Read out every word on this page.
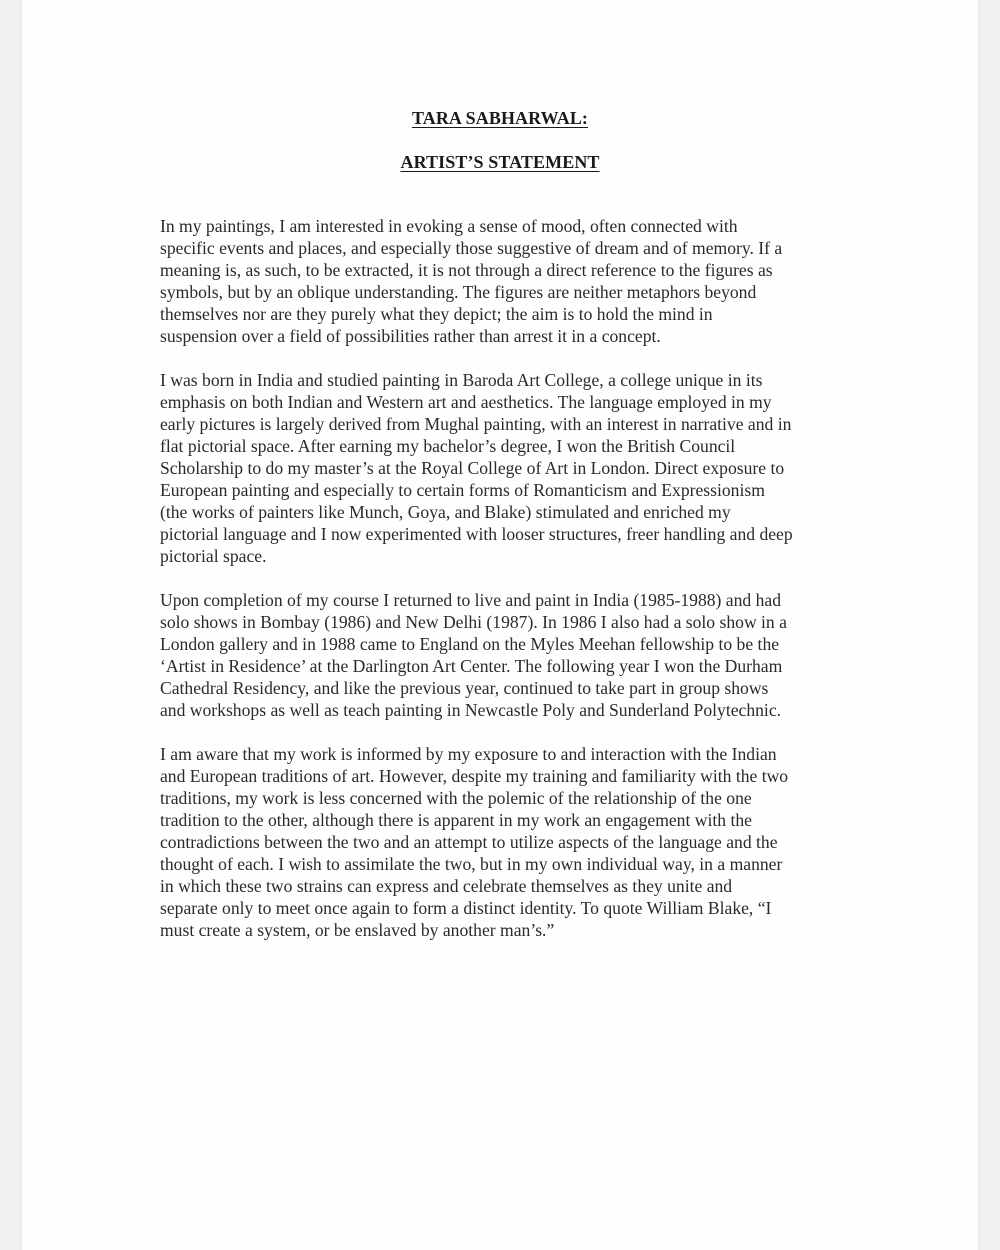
TARA SABHARWAL:
ARTIST’S STATEMENT

In my paintings, I am interested in evoking a sense of mood, often connected with
specific events and places, and especially those suggestive of dream and of memory. If a
meaning is, as such, to be extracted, it is not through a direct reference to the figures as
symbols, but by an oblique understanding. The figures are neither metaphors beyond
themselves nor are they purely what they depict; the aim is to hold the mind in
suspension over a field of possibilities rather than arrest it in a concept.

I was born in India and studied painting in Baroda Art College, a college unique in its
emphasis on both Indian and Western art and aesthetics. The language employed in my
early pictures is largely derived from Mughal painting, with an interest in narrative and in
flat pictorial space. After earning my bachelor’s degree, I won the British Council
Scholarship to do my master’s at the Royal College of Art in London. Direct exposure to
European painting and especially to certain forms of Romanticism and Expressionism
(the works of painters like Munch, Goya, and Blake) stimulated and enriched my
pictorial language and I now experimented with looser structures, freer handling and deep
pictorial space.

Upon completion of my course I returned to live and paint in India (1985-1988) and had
solo shows in Bombay (1986) and New Delhi (1987). In 1986 I also had a solo show in a
London gallery and in 1988 came to England on the Myles Meehan fellowship to be the
‘Artist in Residence’ at the Darlington Art Center. The following year I won the Durham
Cathedral Residency, and like the previous year, continued to take part in group shows
and workshops as well as teach painting in Newcastle Poly and Sunderland Polytechnic.

I am aware that my work is informed by my exposure to and interaction with the Indian
and European traditions of art. However, despite my training and familiarity with the two
traditions, my work is less concerned with the polemic of the relationship of the one
tradition to the other, although there is apparent in my work an engagement with the
contradictions between the two and an attempt to utilize aspects of the language and the
thought of each. I wish to assimilate the two, but in my own individual way, in a manner
in which these two strains can express and celebrate themselves as they unite and
separate only to meet once again to form a distinct identity. To quote William Blake, “I
must create a system, or be enslaved by another man’s.”
